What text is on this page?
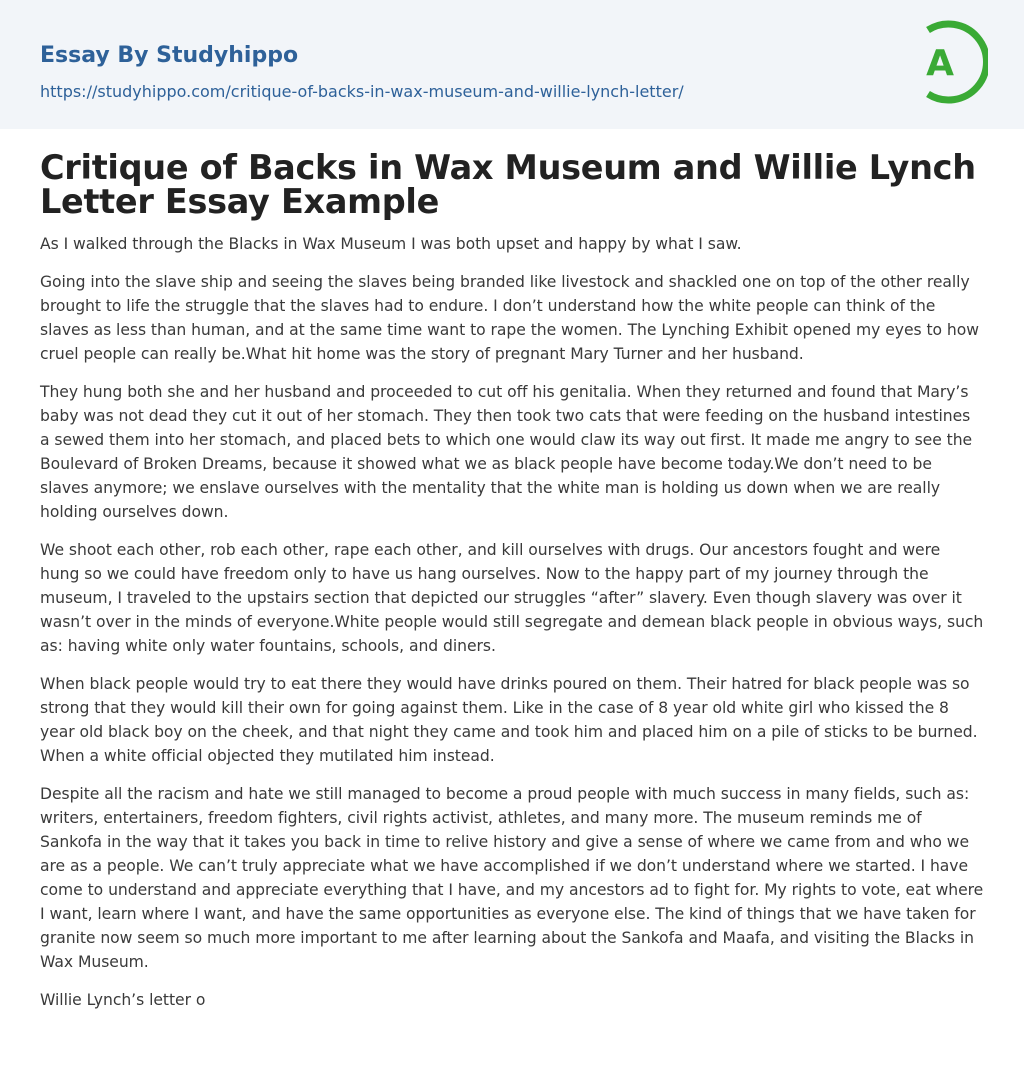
Essay By Studyhippo
https://studyhippo.com/critique-of-backs-in-wax-museum-and-willie-lynch-letter/
A
Critique of Backs in Wax Museum and Willie Lynch Letter Essay Example

As I walked through the Blacks in Wax Museum I was both upset and happy by what I saw.

Going into the slave ship and seeing the slaves being branded like livestock and shackled one on top of the other really brought to life the struggle that the slaves had to endure. I don’t understand how the white people can think of the slaves as less than human, and at the same time want to rape the women. The Lynching Exhibit opened my eyes to how cruel people can really be.What hit home was the story of pregnant Mary Turner and her husband.

They hung both she and her husband and proceeded to cut off his genitalia. When they returned and found that Mary’s baby was not dead they cut it out of her stomach. They then took two cats that were feeding on the husband intestines a sewed them into her stomach, and placed bets to which one would claw its way out first. It made me angry to see the Boulevard of Broken Dreams, because it showed what we as black people have become today.We don’t need to be slaves anymore; we enslave ourselves with the mentality that the white man is holding us down when we are really holding ourselves down.

We shoot each other, rob each other, rape each other, and kill ourselves with drugs. Our ancestors fought and were hung so we could have freedom only to have us hang ourselves. Now to the happy part of my journey through the museum, I traveled to the upstairs section that depicted our struggles “after” slavery. Even though slavery was over it wasn’t over in the minds of everyone.White people would still segregate and demean black people in obvious ways, such as: having white only water fountains, schools, and diners.

When black people would try to eat there they would have drinks poured on them. Their hatred for black people was so strong that they would kill their own for going against them. Like in the case of 8 year old white girl who kissed the 8 year old black boy on the cheek, and that night they came and took him and placed him on a pile of sticks to be burned. When a white official objected they mutilated him instead.

Despite all the racism and hate we still managed to become a proud people with much success in many fields, such as: writers, entertainers, freedom fighters, civil rights activist, athletes, and many more. The museum reminds me of Sankofa in the way that it takes you back in time to relive history and give a sense of where we came from and who we are as a people. We can’t truly appreciate what we have accomplished if we don’t understand where we started. I have come to understand and appreciate everything that I have, and my ancestors ad to fight for. My rights to vote, eat where I want, learn where I want, and have the same opportunities as everyone else. The kind of things that we have taken for granite now seem so much more important to me after learning about the Sankofa and Maafa, and visiting the Blacks in Wax Museum.

Willie Lynch’s letter o
